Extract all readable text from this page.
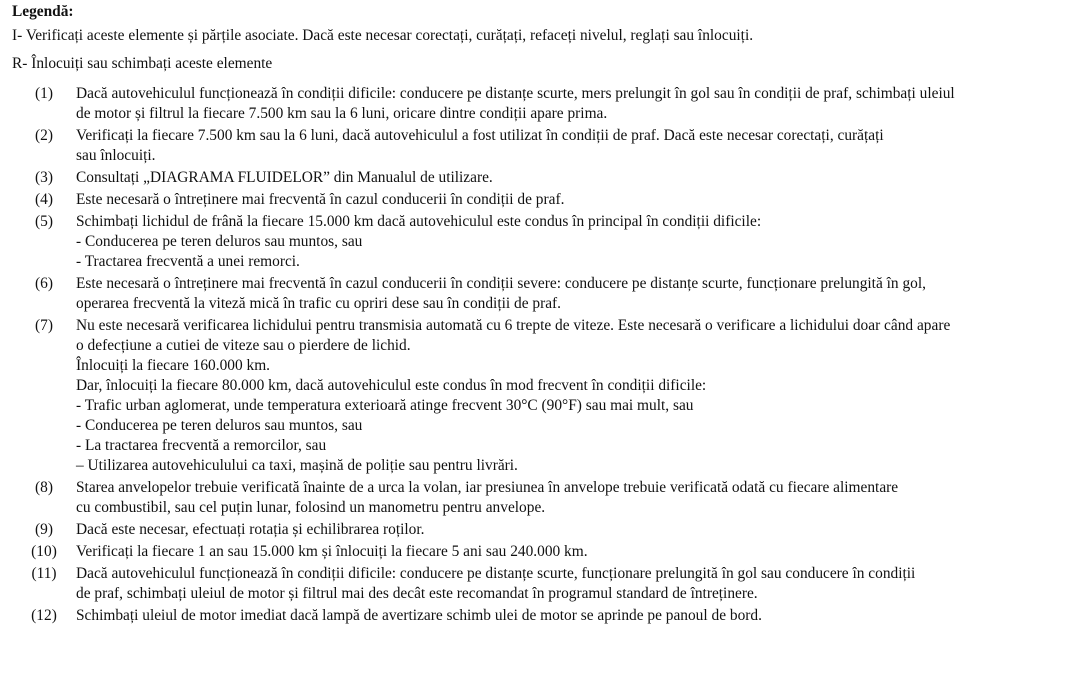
Legendă:
I- Verificați aceste elemente și părțile asociate. Dacă este necesar corectați, curățați, refaceți nivelul, reglați sau înlocuiți.
R- Înlocuiți sau schimbați aceste elemente
(1)	Dacă autovehiculul funcționează în condiții dificile: conducere pe distanțe scurte, mers prelungit în gol sau în condiții de praf, schimbați uleiul
de motor și filtrul la fiecare 7.500 km sau la 6 luni, oricare dintre condiții apare prima.
(2)	Verificați la fiecare 7.500 km sau la 6 luni, dacă autovehiculul a fost utilizat în condiții de praf. Dacă este necesar corectați, curățați
sau înlocuiți.
(3)	Consultați „DIAGRAMA FLUIDELOR” din Manualul de utilizare.
(4)	Este necesară o întreținere mai frecventă în cazul conducerii în condiții de praf.
(5)	Schimbați lichidul de frână la fiecare 15.000 km dacă autovehiculul este condus în principal în condiții dificile:
- Conducerea pe teren deluros sau muntos, sau
- Tractarea frecventă a unei remorci.
(6)	Este necesară o întreținere mai frecventă în cazul conducerii în condiții severe: conducere pe distanțe scurte, funcționare prelungită în gol,
operarea frecventă la viteză mică în trafic cu opriri dese sau în condiții de praf.
(7)	Nu este necesară verificarea lichidului pentru transmisia automată cu 6 trepte de viteze. Este necesară o verificare a lichidului doar când apare
o defecțiune a cutiei de viteze sau o pierdere de lichid.
Înlocuiți la fiecare 160.000 km.
Dar, înlocuiți la fiecare 80.000 km, dacă autovehiculul este condus în mod frecvent în condiții dificile:
- Trafic urban aglomerat, unde temperatura exterioară atinge frecvent 30°C (90°F) sau mai mult, sau
- Conducerea pe teren deluros sau muntos, sau
- La tractarea frecventă a remorcilor, sau
– Utilizarea autovehiculului ca taxi, mașină de poliție sau pentru livrări.
(8)	Starea anvelopelor trebuie verificată înainte de a urca la volan, iar presiunea în anvelope trebuie verificată odată cu fiecare alimentare
cu combustibil, sau cel puțin lunar, folosind un manometru pentru anvelope.
(9)	Dacă este necesar, efectuați rotația și echilibrarea roților.
(10)	Verificați la fiecare 1 an sau 15.000 km și înlocuiți la fiecare 5 ani sau 240.000 km.
(11)	Dacă autovehiculul funcționează în condiții dificile: conducere pe distanțe scurte, funcționare prelungită în gol sau conducere în condiții
de praf, schimbați uleiul de motor și filtrul mai des decât este recomandat în programul standard de întreținere.
(12)	Schimbați uleiul de motor imediat dacă lampă de avertizare schimb ulei de motor se aprinde pe panoul de bord.
